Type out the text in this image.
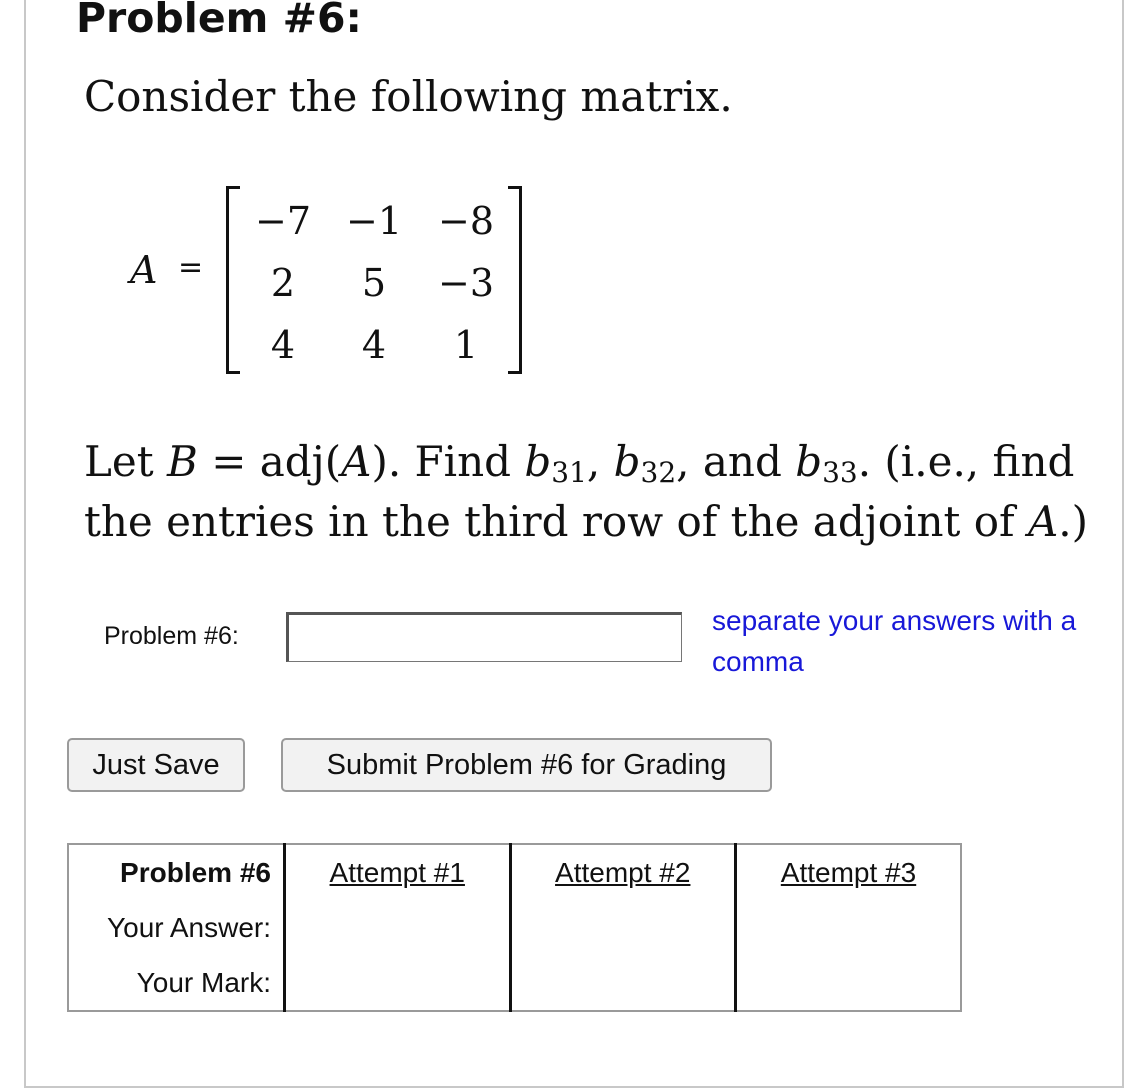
Problem #6:
Consider the following matrix.
A =
−7 −1 −8
2	5	−3
4	4	1
Let B = adj(A). Find $b_{31}$, $b_{32}$, and $b_{33}$. (i.e., find the entries in the third row of the adjoint of A.)
Problem #6:	separate your answers with a comma
Just Save	Submit Problem #6 for Grading
Problem #6	Attempt #1	Attempt #2	Attempt #3
Your Answer:			
Your Mark:			
